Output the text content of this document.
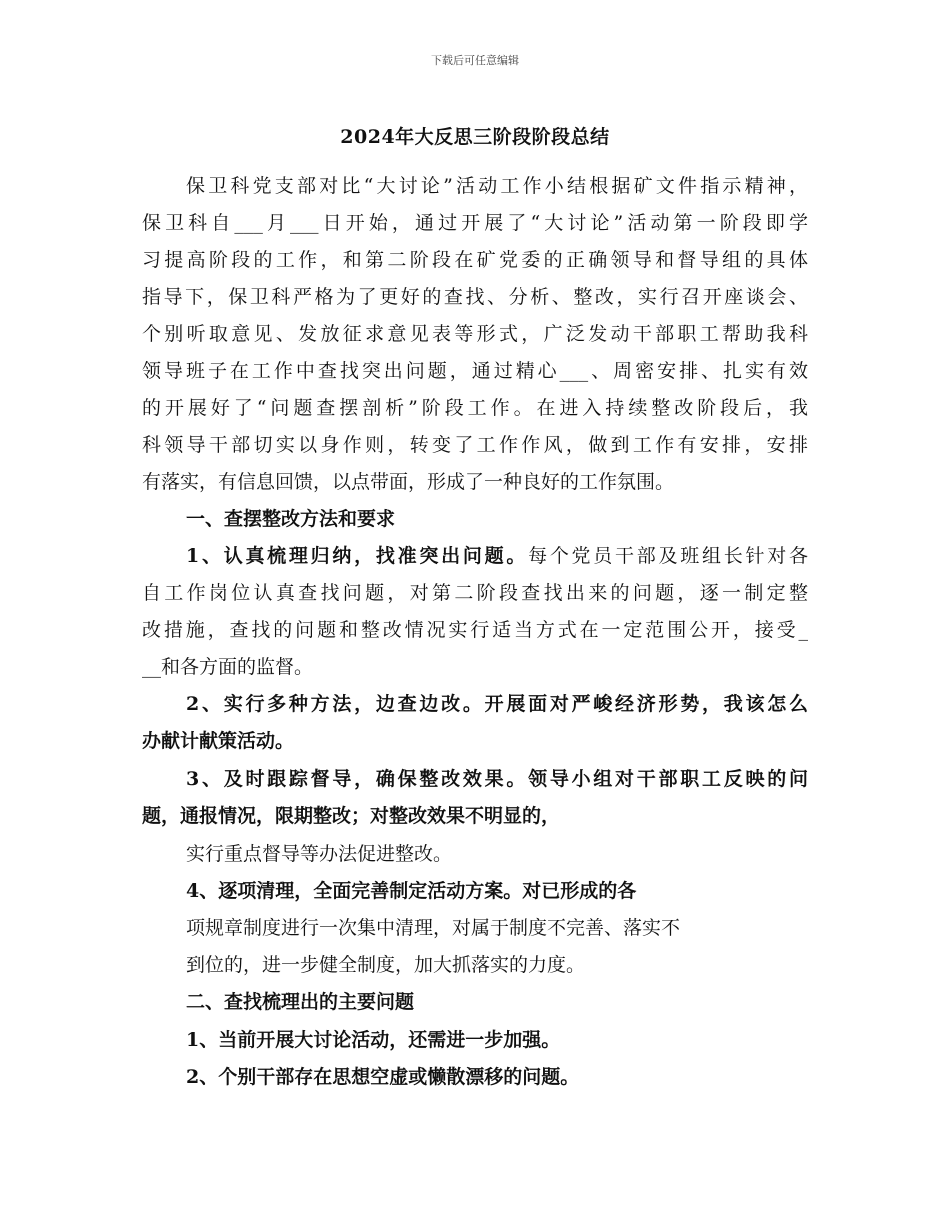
下载后可任意编辑
2024年大反思三阶段阶段总结
保卫科党支部对比“大讨论”活动工作小结根据矿文件指示精神，
保卫科自___月___日开始，通过开展了“大讨论”活动第一阶段即学
习提高阶段的工作，和第二阶段在矿党委的正确领导和督导组的具体
指导下，保卫科严格为了更好的查找、分析、整改，实行召开座谈会、
个别听取意见、发放征求意见表等形式，广泛发动干部职工帮助我科
领导班子在工作中查找突出问题，通过精心___、周密安排、扎实有效
的开展好了“问题查摆剖析”阶段工作。在进入持续整改阶段后，我
科领导干部切实以身作则，转变了工作作风，做到工作有安排，安排
有落实，有信息回馈，以点带面，形成了一种良好的工作氛围。
一、查摆整改方法和要求
1、认真梳理归纳，找准突出问题。每个党员干部及班组长针对各
自工作岗位认真查找问题，对第二阶段查找出来的问题，逐一制定整
改措施，查找的问题和整改情况实行适当方式在一定范围公开，接受_
__和各方面的监督。
2、实行多种方法，边查边改。开展面对严峻经济形势，我该怎么
办献计献策活动。
3、及时跟踪督导，确保整改效果。领导小组对干部职工反映的问
题，通报情况，限期整改；对整改效果不明显的，
实行重点督导等办法促进整改。
4、逐项清理，全面完善制定活动方案。对已形成的各
项规章制度进行一次集中清理，对属于制度不完善、落实不
到位的，进一步健全制度，加大抓落实的力度。
二、查找梳理出的主要问题
1、当前开展大讨论活动，还需进一步加强。
2、个别干部存在思想空虚或懒散漂移的问题。
